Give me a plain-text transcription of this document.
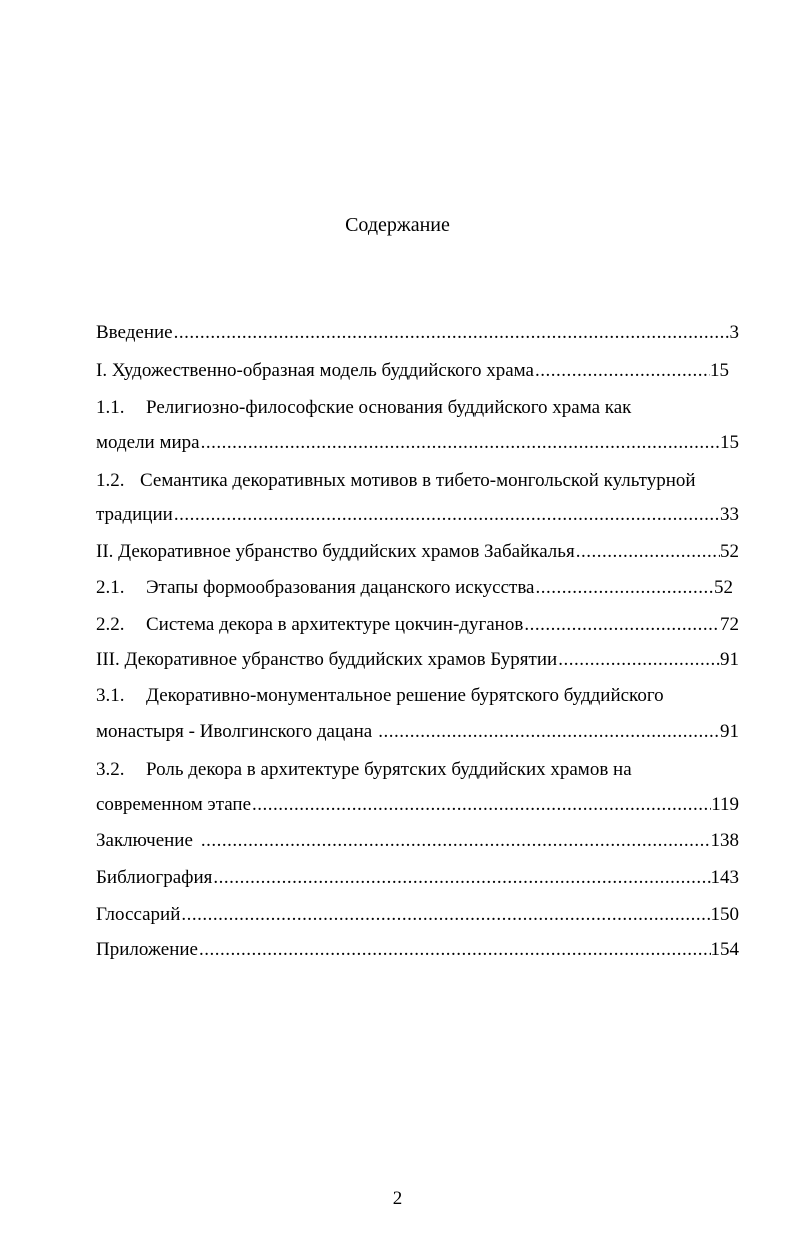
Содержание
Введение .....	3
I. Художественно-образная модель буддийского храма .....	15
1.1.	Религиозно-философские основания буддийского храма как
модели мира .....	15
1.2. Семантика декоративных мотивов в тибето-монгольской культурной
традиции .....	33
II. Декоративное убранство буддийских храмов Забайкалья .....	52
2.1.	Этапы формообразования дацанского искусства .....	52
2.2.	Система декора в архитектуре цокчин-дуганов .....	72
III. Декоративное убранство буддийских храмов Бурятии .....	91
3.1.	Декоративно-монументальное решение бурятского буддийского
монастыря - Иволгинского дацана .....	91
3.2.	Роль декора в архитектуре бурятских буддийских храмов на
современном этапе .....	119
Заключение .....	138
Библиография .....	143
Глоссарий .....	150
Приложение .....	154
2
